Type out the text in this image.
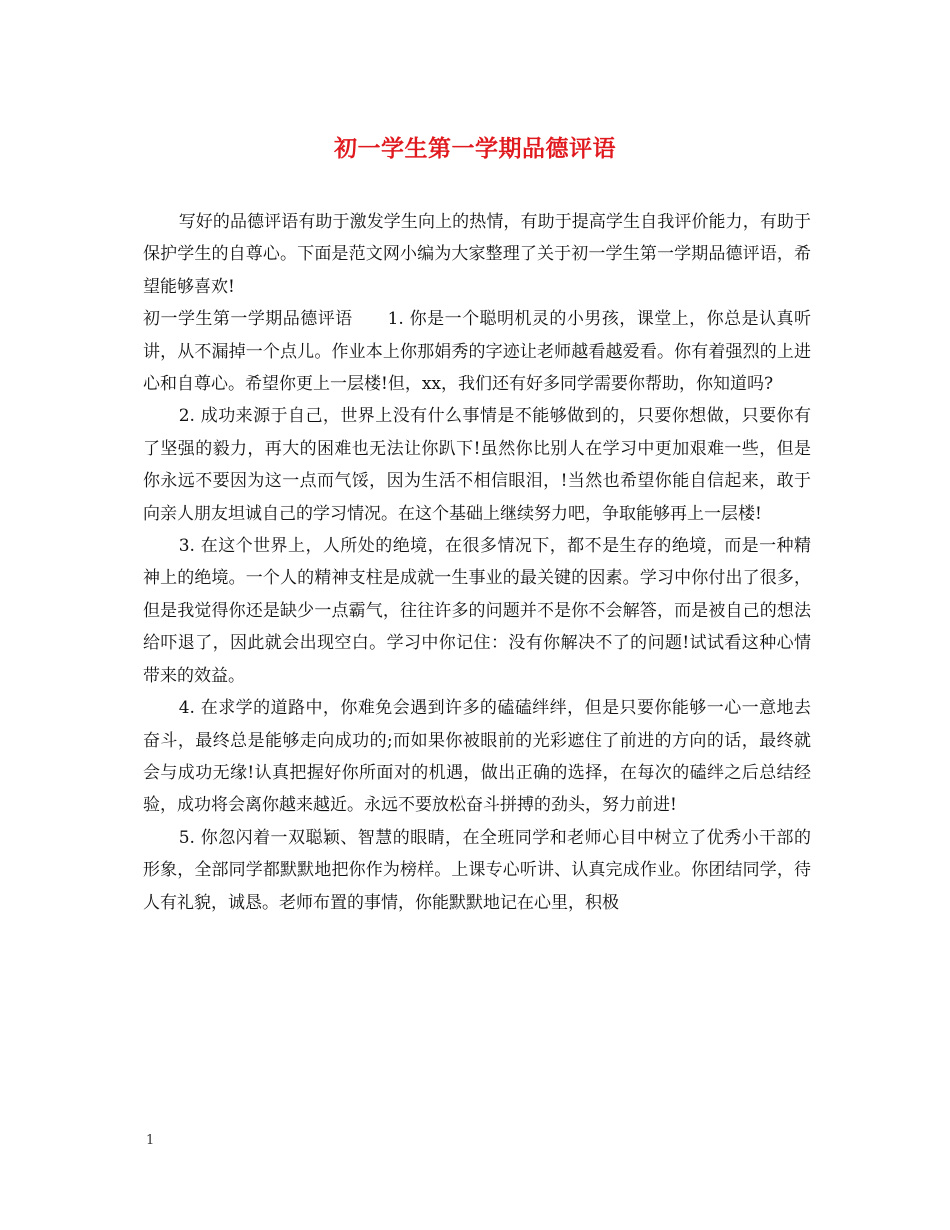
初一学生第一学期品德评语

写好的品德评语有助于激发学生向上的热情，有助于提高学生自我评价能力，有助于保护学生的自尊心。下面是范文网小编为大家整理了关于初一学生第一学期品德评语，希望能够喜欢!

初一学生第一学期品德评语　　1. 你是一个聪明机灵的小男孩，课堂上，你总是认真听讲，从不漏掉一个点儿。作业本上你那娟秀的字迹让老师越看越爱看。你有着强烈的上进心和自尊心。希望你更上一层楼!但，xx，我们还有好多同学需要你帮助，你知道吗?

2. 成功来源于自己，世界上没有什么事情是不能够做到的，只要你想做，只要你有了坚强的毅力，再大的困难也无法让你趴下!虽然你比别人在学习中更加艰难一些，但是你永远不要因为这一点而气馁，因为生活不相信眼泪，!当然也希望你能自信起来，敢于向亲人朋友坦诚自己的学习情况。在这个基础上继续努力吧，争取能够再上一层楼!

3. 在这个世界上，人所处的绝境，在很多情况下，都不是生存的绝境，而是一种精神上的绝境。一个人的精神支柱是成就一生事业的最关键的因素。学习中你付出了很多，但是我觉得你还是缺少一点霸气，往往许多的问题并不是你不会解答，而是被自己的想法给吓退了，因此就会出现空白。学习中你记住：没有你解决不了的问题!试试看这种心情带来的效益。

4. 在求学的道路中，你难免会遇到许多的磕磕绊绊，但是只要你能够一心一意地去奋斗，最终总是能够走向成功的;而如果你被眼前的光彩遮住了前进的方向的话，最终就会与成功无缘!认真把握好你所面对的机遇，做出正确的选择，在每次的磕绊之后总结经验，成功将会离你越来越近。永远不要放松奋斗拼搏的劲头，努力前进!

5. 你忽闪着一双聪颖、智慧的眼睛，在全班同学和老师心目中树立了优秀小干部的形象，全部同学都默默地把你作为榜样。上课专心听讲、认真完成作业。你团结同学，待人有礼貌，诚恳。老师布置的事情，你能默默地记在心里，积极

1
